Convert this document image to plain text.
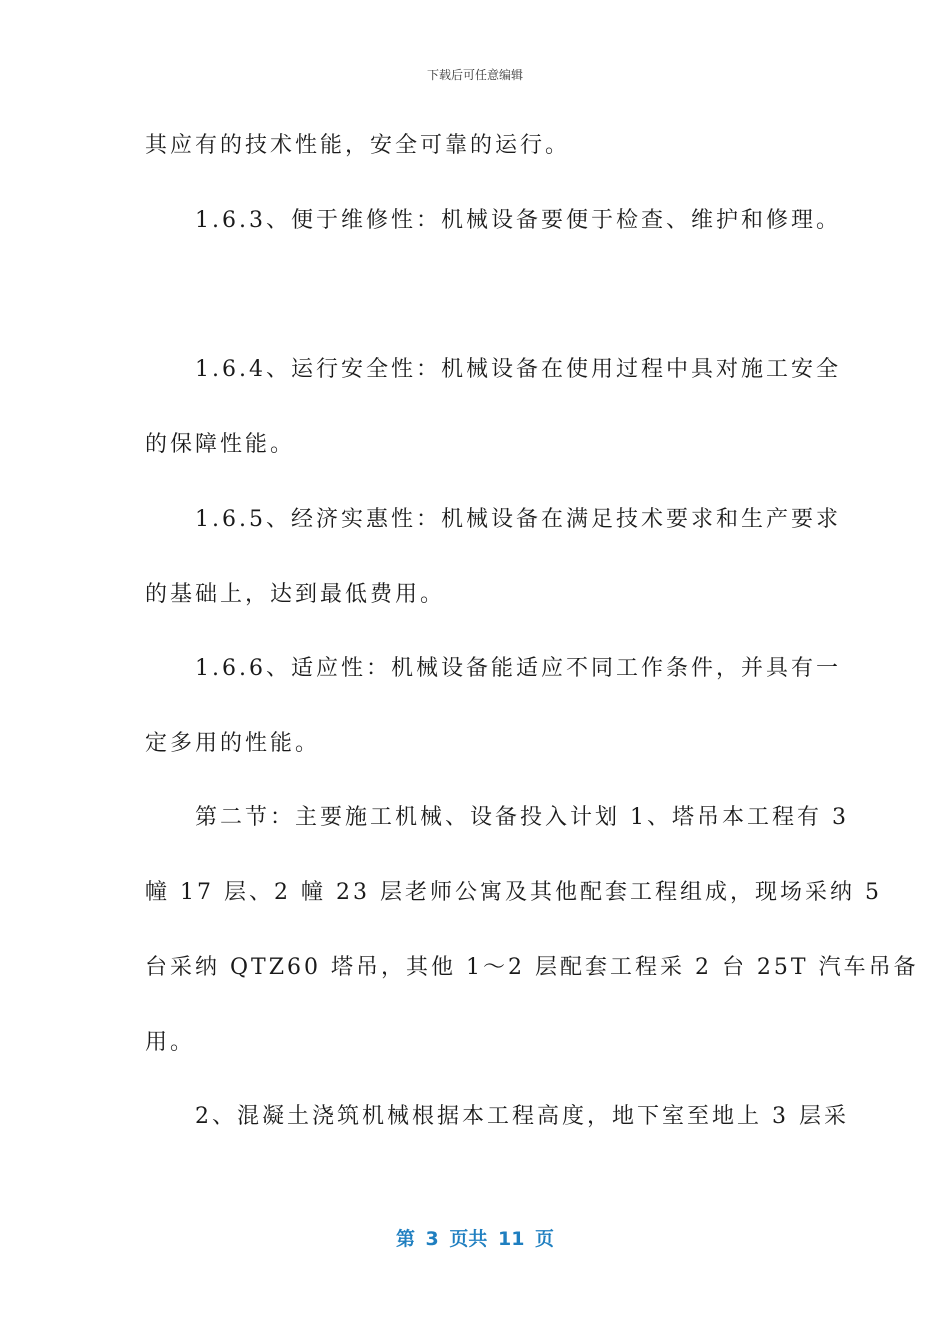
下载后可任意编辑
其应有的技术性能，安全可靠的运行。
　　1.6.3、便于维修性：机械设备要便于检查、维护和修理。
　　1.6.4、运行安全性：机械设备在使用过程中具对施工安全
的保障性能。
　　1.6.5、经济实惠性：机械设备在满足技术要求和生产要求
的基础上，达到最低费用。
　　1.6.6、适应性：机械设备能适应不同工作条件，并具有一
定多用的性能。
　　第二节：主要施工机械、设备投入计划 1、塔吊本工程有 3
幢 17 层、2 幢 23 层老师公寓及其他配套工程组成，现场采纳 5
台采纳 QTZ60 塔吊，其他 1～2 层配套工程采 2 台 25T 汽车吊备
用。
　　2、混凝土浇筑机械根据本工程高度，地下室至地上 3 层采
第 3 页共 11 页
